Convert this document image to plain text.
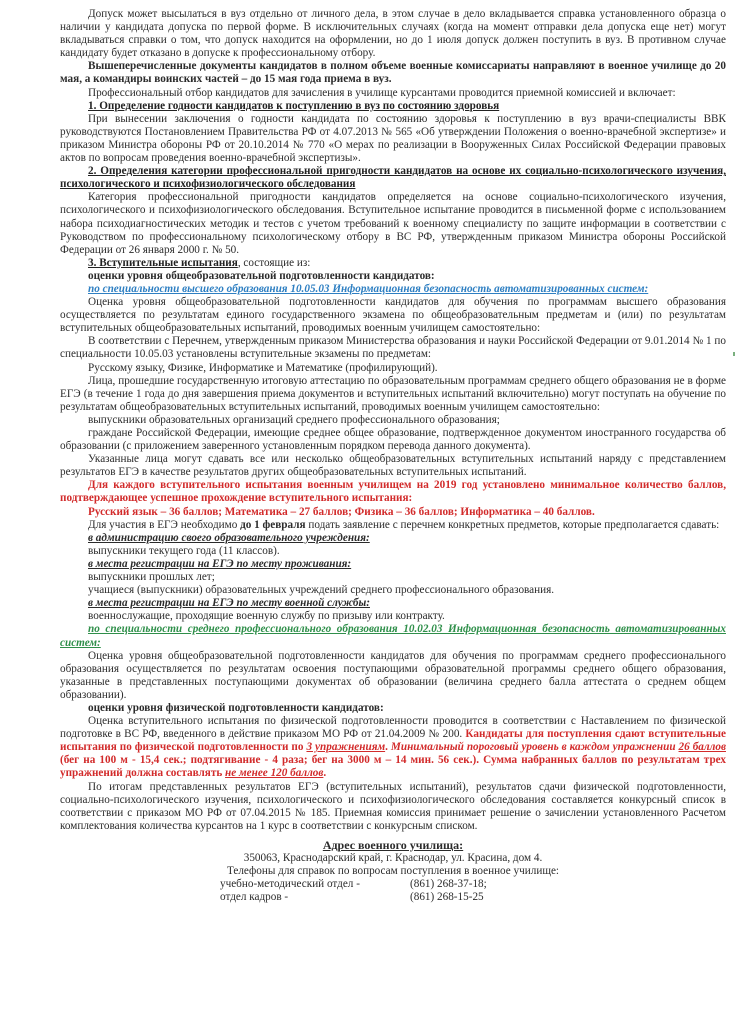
Допуск может высылаться в вуз отдельно от личного дела, в этом случае в дело вкладывается справка установленного образца о наличии у кандидата допуска по первой форме. В исключительных случаях (когда на момент отправки дела допуска еще нет) могут вкладываться справки о том, что допуск находится на оформлении, но до 1 июля допуск должен поступить в вуз. В противном случае кандидату будет отказано в допуске к профессиональному отбору.

Вышеперечисленные документы кандидатов в полном объеме военные комиссариаты направляют в военное училище до 20 мая, а командиры воинских частей – до 15 мая года приема в вуз.

Профессиональный отбор кандидатов для зачисления в училище курсантами проводится приемной комиссией и включает:

1. Определение годности кандидатов к поступлению в вуз по состоянию здоровья

При вынесении заключения о годности кандидата по состоянию здоровья к поступлению в вуз врачи-специалисты ВВК руководствуются Постановлением Правительства РФ от 4.07.2013 № 565 «Об утверждении Положения о военно-врачебной экспертизе» и приказом Министра обороны РФ от 20.10.2014 № 770 «О мерах по реализации в Вооруженных Силах Российской Федерации правовых актов по вопросам проведения военно-врачебной экспертизы».

2. Определения категории профессиональной пригодности кандидатов на основе их социально-психологического изучения, психологического и психофизиологического обследования

Категория профессиональной пригодности кандидатов определяется на основе социально-психологического изучения, психологического и психофизиологического обследования. Вступительное испытание проводится в письменной форме с использованием набора психодиагностических методик и тестов с учетом требований к военному специалисту по защите информации в соответствии с Руководством по профессиональному психологическому отбору в ВС РФ, утвержденным приказом Министра обороны Российской Федерации от 26 января 2000 г. № 50.

3. Вступительные испытания, состоящие из:

оценки уровня общеобразовательной подготовленности кандидатов:

по специальности высшего образования 10.05.03 Информационная безопасность автоматизированных систем:

Оценка уровня общеобразовательной подготовленности кандидатов для обучения по программам высшего образования осуществляется по результатам единого государственного экзамена по общеобразовательным предметам и (или) по результатам вступительных общеобразовательных испытаний, проводимых военным училищем самостоятельно:

В соответствии с Перечнем, утвержденным приказом Министерства образования и науки Российской Федерации от 9.01.2014 № 1 по специальности 10.05.03 установлены вступительные экзамены по предметам:

Русскому языку, Физике, Информатике и Математике (профилирующий).

Лица, прошедшие государственную итоговую аттестацию по образовательным программам среднего общего образования не в форме ЕГЭ (в течение 1 года до дня завершения приема документов и вступительных испытаний включительно) могут поступать на обучение по результатам общеобразовательных вступительных испытаний, проводимых военным училищем самостоятельно:

выпускники образовательных организаций среднего профессионального образования;

граждане Российской Федерации, имеющие среднее общее образование, подтвержденное документом иностранного государства об образовании (с приложением заверенного установленным порядком перевода данного документа).

Указанные лица могут сдавать все или несколько общеобразовательных вступительных испытаний наряду с представлением результатов ЕГЭ в качестве результатов других общеобразовательных вступительных испытаний.

Для каждого вступительного испытания военным училищем на 2019 год установлено минимальное количество баллов, подтверждающее успешное прохождение вступительного испытания:

Русский язык – 36 баллов; Математика – 27 баллов; Физика – 36 баллов; Информатика – 40 баллов.

Для участия в ЕГЭ необходимо до 1 февраля подать заявление с перечнем конкретных предметов, которые предполагается сдавать:

в администрацию своего образовательного учреждения:

выпускники текущего года (11 классов).

в места регистрации на ЕГЭ по месту проживания:

выпускники прошлых лет;

учащиеся (выпускники) образовательных учреждений среднего профессионального образования.

в места регистрации на ЕГЭ по месту военной службы:

военнослужащие, проходящие военную службу по призыву или контракту.

по специальности среднего профессионального образования 10.02.03 Информационная безопасность автоматизированных систем:

Оценка уровня общеобразовательной подготовленности кандидатов для обучения по программам среднего профессионального образования осуществляется по результатам освоения поступающими образовательной программы среднего общего образования, указанные в представленных поступающими документах об образовании (величина среднего балла аттестата о среднем общем образовании).

оценки уровня физической подготовленности кандидатов:

Оценка вступительного испытания по физической подготовленности проводится в соответствии с Наставлением по физической подготовке в ВС РФ, введенного в действие приказом МО РФ от 21.04.2009 № 200. Кандидаты для поступления сдают вступительные испытания по физической подготовленности по 3 упражнениям. Минимальный пороговый уровень в каждом упражнении 26 баллов (бег на 100 м - 15,4 сек.; подтягивание - 4 раза; бег на 3000 м – 14 мин. 56 сек.). Сумма набранных баллов по результатам трех упражнений должна составлять не менее 120 баллов.

По итогам представленных результатов ЕГЭ (вступительных испытаний), результатов сдачи физической подготовленности, социально-психологического изучения, психологического и психофизиологического обследования составляется конкурсный список в соответствии с приказом МО РФ от 07.04.2015 № 185. Приемная комиссия принимает решение о зачислении установленного Расчетом комплектования количества курсантов на 1 курс в соответствии с конкурсным списком.

Адрес военного училища:

350063, Краснодарский край, г. Краснодар, ул. Красина, дом 4.

Телефоны для справок по вопросам поступления в военное училище:

учебно-методический отдел -	(861) 268-37-18;
отдел кадров -	(861) 268-15-25
